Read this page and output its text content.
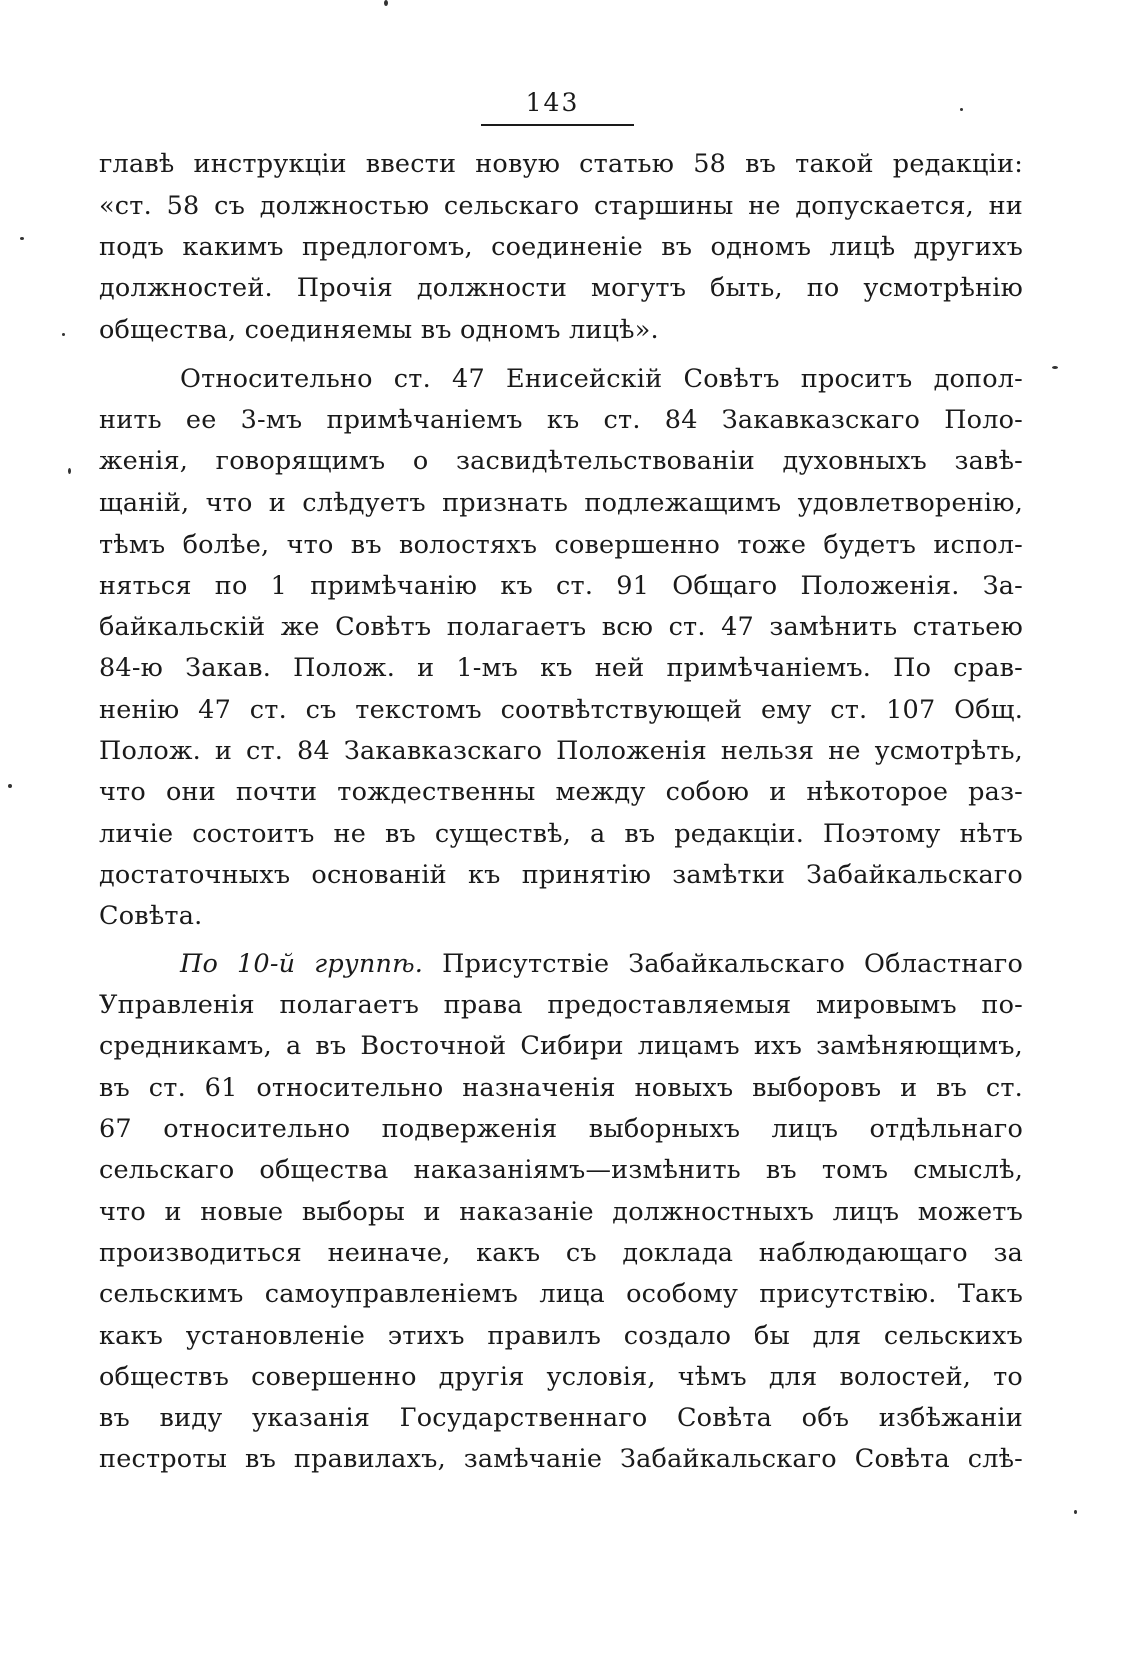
143
главѣ инструкціи ввести новую статью 58 въ такой редакціи:
«ст. 58 съ должностью сельскаго старшины не допускается, ни
подъ какимъ предлогомъ, соединеніе въ одномъ лицѣ другихъ
должностей. Прочія должности могутъ быть, по усмотрѣнію
общества, соединяемы въ одномъ лицѣ».
Относительно ст. 47 Енисейскій Совѣтъ проситъ допол-
нить ее 3-мъ примѣчаніемъ къ ст. 84 Закавказскаго Поло-
женія, говорящимъ о засвидѣтельствованіи духовныхъ завѣ-
щаній, что и слѣдуетъ признать подлежащимъ удовлетворенію,
тѣмъ болѣе, что въ волостяхъ совершенно тоже будетъ испол-
няться по 1 примѣчанію къ ст. 91 Общаго Положенія. За-
байкальскій же Совѣтъ полагаетъ всю ст. 47 замѣнить статьею
84-ю Закав. Полож. и 1-мъ къ ней примѣчаніемъ. По срав-
ненію 47 ст. съ текстомъ соотвѣтствующей ему ст. 107 Общ.
Полож. и ст. 84 Закавказскаго Положенія нельзя не усмотрѣть,
что они почти тождественны между собою и нѣкоторое раз-
личіе состоитъ не въ существѣ, а въ редакціи. Поэтому нѣтъ
достаточныхъ основаній къ принятію замѣтки Забайкальскаго
Совѣта.
По 10-й группѣ. Присутствіе Забайкальскаго Областнаго
Управленія полагаетъ права предоставляемыя мировымъ по-
средникамъ, а въ Восточной Сибири лицамъ ихъ замѣняющимъ,
въ ст. 61 относительно назначенія новыхъ выборовъ и въ ст.
67 относительно подверженія выборныхъ лицъ отдѣльнаго
сельскаго общества наказаніямъ—измѣнить въ томъ смыслѣ,
что и новые выборы и наказаніе должностныхъ лицъ можетъ
производиться неиначе, какъ съ доклада наблюдающаго за
сельскимъ самоуправленіемъ лица особому присутствію. Такъ
какъ установленіе этихъ правилъ создало бы для сельскихъ
обществъ совершенно другія условія, чѣмъ для волостей, то
въ виду указанія Государственнаго Совѣта объ избѣжаніи
пестроты въ правилахъ, замѣчаніе Забайкальскаго Совѣта слѣ-
